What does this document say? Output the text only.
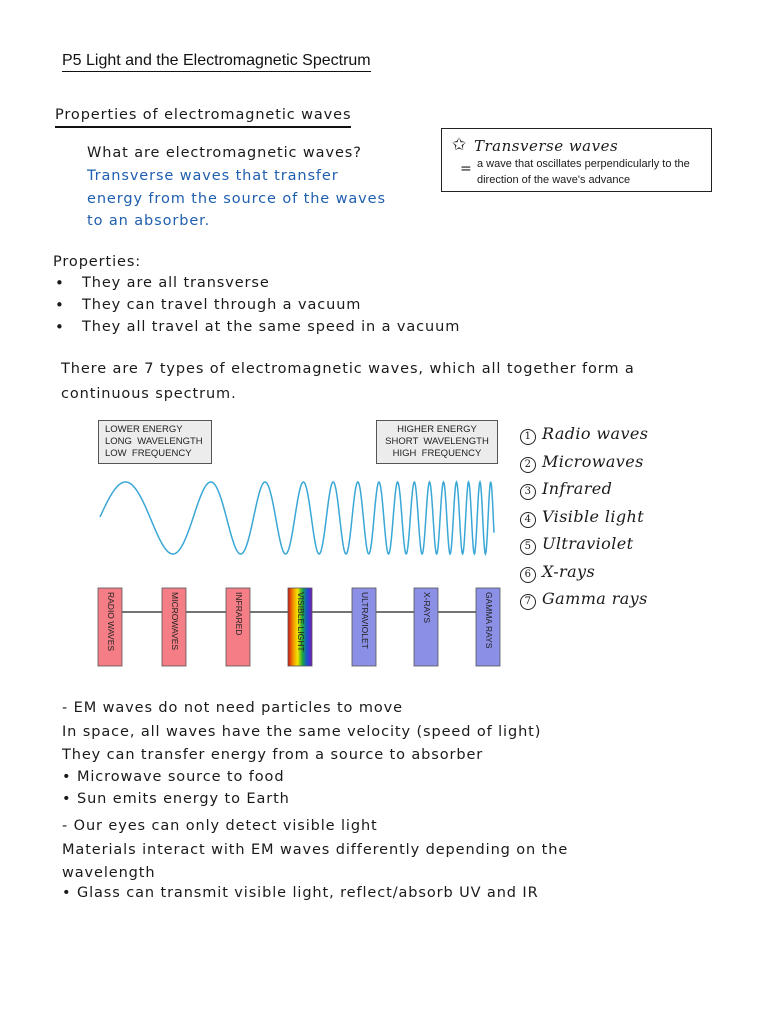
P5 Light and the Electromagnetic Spectrum
Properties of electromagnetic waves
What are electromagnetic waves?
Transverse waves that transfer
energy from the source of the waves
to an absorber.
✩ Transverse waves
= a wave that oscillates perpendicularly to the direction of the wave's advance
Properties:
• They are all transverse
• They can travel through a vacuum
• They all travel at the same speed in a vacuum
There are 7 types of electromagnetic waves, which all together form a
continuous spectrum.
LOWER ENERGY
LONG  WAVELENGTH
LOW  FREQUENCY
HIGHER ENERGY
SHORT  WAVELENGTH
HIGH  FREQUENCY
RADIO WAVES	MICROWAVES	INFRARED	VISIBLE LIGHT	ULTRAVIOLET	X-RAYS	GAMMA RAYS
1 Radio waves
2 Microwaves
3 Infrared
4 Visible light
5 Ultraviolet
6 X-rays
7 Gamma rays
- EM waves do not need particles to move
In space, all waves have the same velocity (speed of light)
They can transfer energy from a source to absorber
• Microwave source to food
• Sun emits energy to Earth
- Our eyes can only detect visible light
Materials interact with EM waves differently depending on the
wavelength
• Glass can transmit visible light, reflect/absorb UV and IR
